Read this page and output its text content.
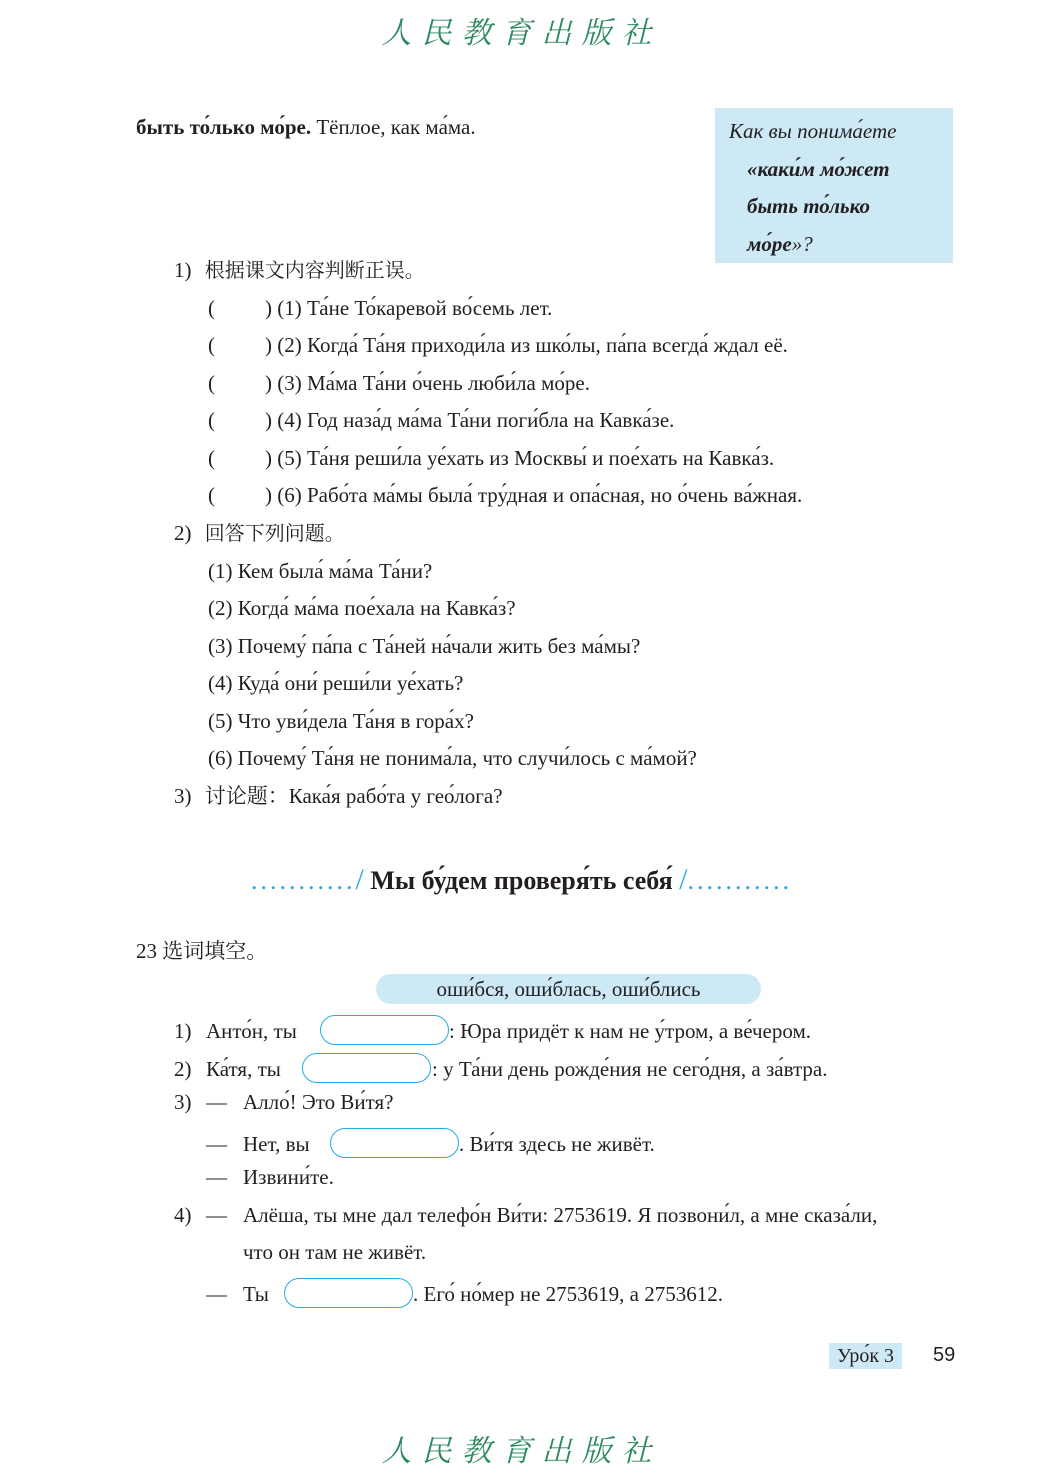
人民教育出版社
быть то́лько мо́ре. Тёплое, как ма́ма.	Как вы понима́ете
«каки́м мо́жет
быть то́лько
мо́ре»?
1) 根据课文内容判断正误。
( ) (1) Та́не То́каревой во́семь лет.
( ) (2) Когда́ Та́ня приходи́ла из шко́лы, па́па всегда́ ждал её.
( ) (3) Ма́ма Та́ни о́чень люби́ла мо́ре.
( ) (4) Год наза́д ма́ма Та́ни поги́бла на Кавка́зе.
( ) (5) Та́ня реши́ла уе́хать из Москвы́ и пое́хать на Кавка́з.
( ) (6) Рабо́та ма́мы была́ тру́дная и опа́сная, но о́чень ва́жная.
2) 回答下列问题。
(1) Кем была́ ма́ма Та́ни?
(2) Когда́ ма́ма пое́хала на Кавка́з?
(3) Почему́ па́па с Та́ней на́чали жить без ма́мы?
(4) Куда́ они́ реши́ли уе́хать?
(5) Что уви́дела Та́ня в гора́х?
(6) Почему́ Та́ня не понима́ла, что случи́лось с ма́мой?
3) 讨论题：Кака́я рабо́та у гео́лога?
.........../ Мы бу́дем проверя́ть себя́ /...........
23 选词填空。
оши́бся, оши́блась, оши́блись
1) Анто́н, ты	: Юра придёт к нам не у́тром, а ве́чером.
2) Ка́тя, ты	: у Та́ни день рожде́ния не сего́дня, а за́втра.
3) — Алло́! Это Ви́тя?
— Нет, вы	. Ви́тя здесь не живёт.
— Извини́те.
4) — Алёша, ты мне дал телефо́н Ви́ти: 2753619. Я позвони́л, а мне сказа́ли,
что он там не живёт.
— Ты	. Его́ но́мер не 2753619, а 2753612.
Уро́к 3	59
人民教育出版社
